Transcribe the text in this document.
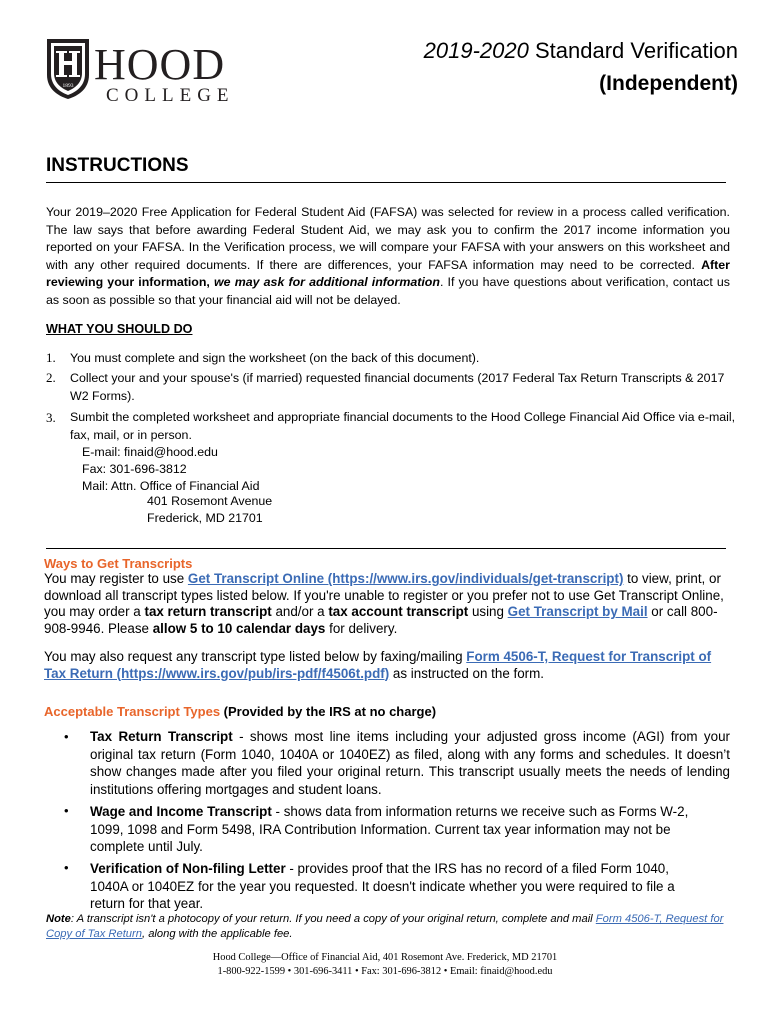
1893 HOOD
COLLEGE
2019-2020 Standard Verification
(Independent)
INSTRUCTIONS
Your 2019–2020 Free Application for Federal Student Aid (FAFSA) was selected for review in a process called verification. The law says that before awarding Federal Student Aid, we may ask you to confirm the 2017 income information you reported on your FAFSA. In the Verification process, we will compare your FAFSA with your answers on this worksheet and with any other required documents. If there are differences, your FAFSA information may need to be corrected. After reviewing your information, we may ask for additional information. If you have questions about verification, contact us as soon as possible so that your financial aid will not be delayed.
WHAT YOU SHOULD DO
1. You must complete and sign the worksheet (on the back of this document).
2. Collect your and your spouse's (if married) requested financial documents (2017 Federal Tax Return Transcripts & 2017 W2 Forms).
3. Sumbit the completed worksheet and appropriate financial documents to the Hood College Financial Aid Office via e-mail, fax, mail, or in person.
E-mail: finaid@hood.edu
Fax: 301-696-3812
Mail: Attn. Office of Financial Aid
401 Rosemont Avenue
Frederick, MD 21701
Ways to Get Transcripts
You may register to use Get Transcript Online (https://www.irs.gov/individuals/get-transcript) to view, print, or download all transcript types listed below. If you're unable to register or you prefer not to use Get Transcript Online, you may order a tax return transcript and/or a tax account transcript using Get Transcript by Mail or call 800-908-9946. Please allow 5 to 10 calendar days for delivery.
You may also request any transcript type listed below by faxing/mailing Form 4506-T, Request for Transcript of Tax Return (https://www.irs.gov/pub/irs-pdf/f4506t.pdf) as instructed on the form.
Acceptable Transcript Types (Provided by the IRS at no charge)
• Tax Return Transcript - shows most line items including your adjusted gross income (AGI) from your original tax return (Form 1040, 1040A or 1040EZ) as filed, along with any forms and schedules. It doesn’t show changes made after you filed your original return. This transcript usually meets the needs of lending institutions offering mortgages and student loans.
• Wage and Income Transcript - shows data from information returns we receive such as Forms W-2, 1099, 1098 and Form 5498, IRA Contribution Information. Current tax year information may not be complete until July.
• Verification of Non-filing Letter - provides proof that the IRS has no record of a filed Form 1040, 1040A or 1040EZ for the year you requested. It doesn't indicate whether you were required to file a return for that year.
Note: A transcript isn't a photocopy of your return. If you need a copy of your original return, complete and mail Form 4506-T, Request for Copy of Tax Return, along with the applicable fee.
Hood College—Office of Financial Aid, 401 Rosemont Ave. Frederick, MD 21701
1-800-922-1599 • 301-696-3411 • Fax: 301-696-3812 • Email: finaid@hood.edu
